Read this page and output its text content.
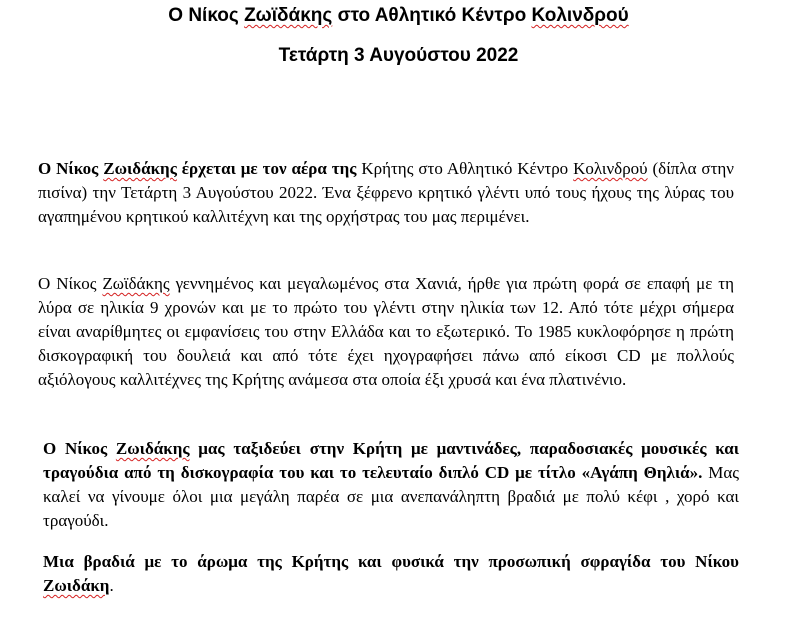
Ο Νίκος Ζωϊδάκης στο Αθλητικό Κέντρο Κολινδρού
Τετάρτη 3 Αυγούστου 2022

Ο Νίκος Ζωιδάκης έρχεται με τον αέρα της Κρήτης στο Αθλητικό Κέντρο Κολινδρού (δίπλα στην πισίνα) την Τετάρτη 3 Αυγούστου 2022. Ένα ξέφρενο κρητικό γλέντι υπό τους ήχους της λύρας του αγαπημένου κρητικού καλλιτέχνη και της ορχήστρας του μας περιμένει.

Ο Νίκος Ζωϊδάκης γεννημένος και μεγαλωμένος στα Χανιά, ήρθε για πρώτη φορά σε επαφή με τη λύρα σε ηλικία 9 χρονών και με το πρώτο του γλέντι στην ηλικία των 12. Από τότε μέχρι σήμερα είναι αναρίθμητες οι εμφανίσεις του στην Ελλάδα και το εξωτερικό. Το 1985 κυκλοφόρησε η πρώτη δισκογραφική του δουλειά και από τότε έχει ηχογραφήσει πάνω από είκοσι CD με πολλούς αξιόλογους καλλιτέχνες της Κρήτης ανάμεσα στα οποία έξι χρυσά και ένα πλατινένιο.

Ο Νίκος Ζωιδάκης μας ταξιδεύει στην Κρήτη με μαντινάδες, παραδοσιακές μουσικές και τραγούδια από τη δισκογραφία του και το τελευταίο διπλό CD με τίτλο «Αγάπη Θηλιά». Μας καλεί να γίνουμε όλοι μια μεγάλη παρέα σε μια ανεπανάληπτη βραδιά με πολύ κέφι , χορό και τραγούδι.

Μια βραδιά με το άρωμα της Κρήτης και φυσικά την προσωπική σφραγίδα του Νίκου Ζωιδάκη.
